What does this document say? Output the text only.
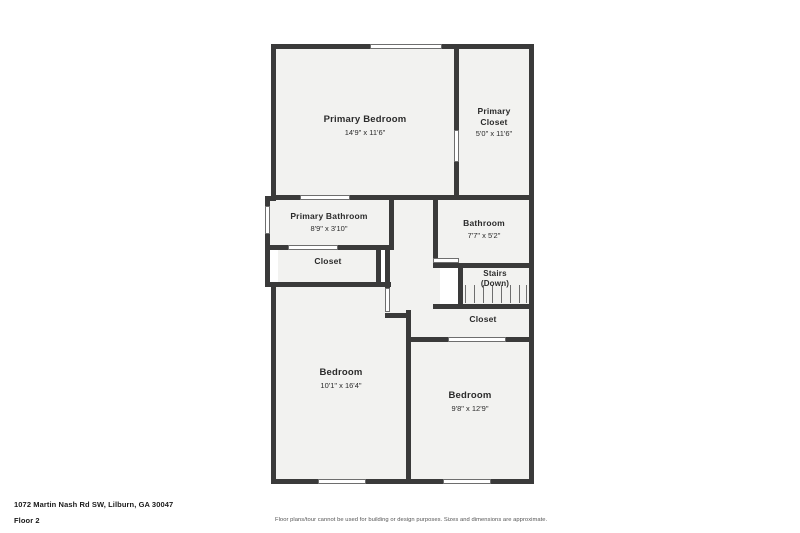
Primary Bedroom
14'9" x 11'6"
Primary
Closet
5'0" x 11'6"
Primary Bathroom
8'9" x 3'10"
Bathroom
7'7" x 5'2"
Closet
Stairs
(Down)
Closet
Bedroom
10'1" x 16'4"
Bedroom
9'8" x 12'9"
1072 Martin Nash Rd SW, Lilburn, GA 30047
Floor 2	Floor plans/tour cannot be used for building or design purposes. Sizes and dimensions are approximate.
